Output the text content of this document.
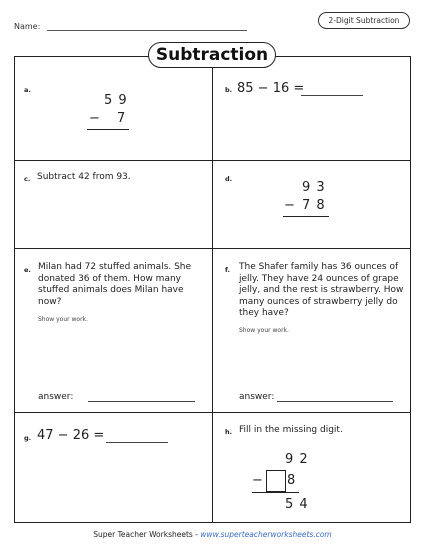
Name:
2-Digit Subtraction
Subtraction
a.
5 9
− 7
b. 85 − 16 =
c. Subtract 42 from 93.	d.
9 3
− 7 8
e. Milan had 72 stuffed animals. She
donated 36 of them. How many
stuffed animals does Milan have
now?
Show your work.
answer:
f. The Shafer family has 36 ounces of
jelly. They have 24 ounces of grape
jelly, and the rest is strawberry. How
many ounces of strawberry jelly do
they have?
Show your work.
answer:
g. 47 − 26 =	h. Fill in the missing digit.
9 2
− 8
5 4
Super Teacher Worksheets - www.superteacherworksheets.com
